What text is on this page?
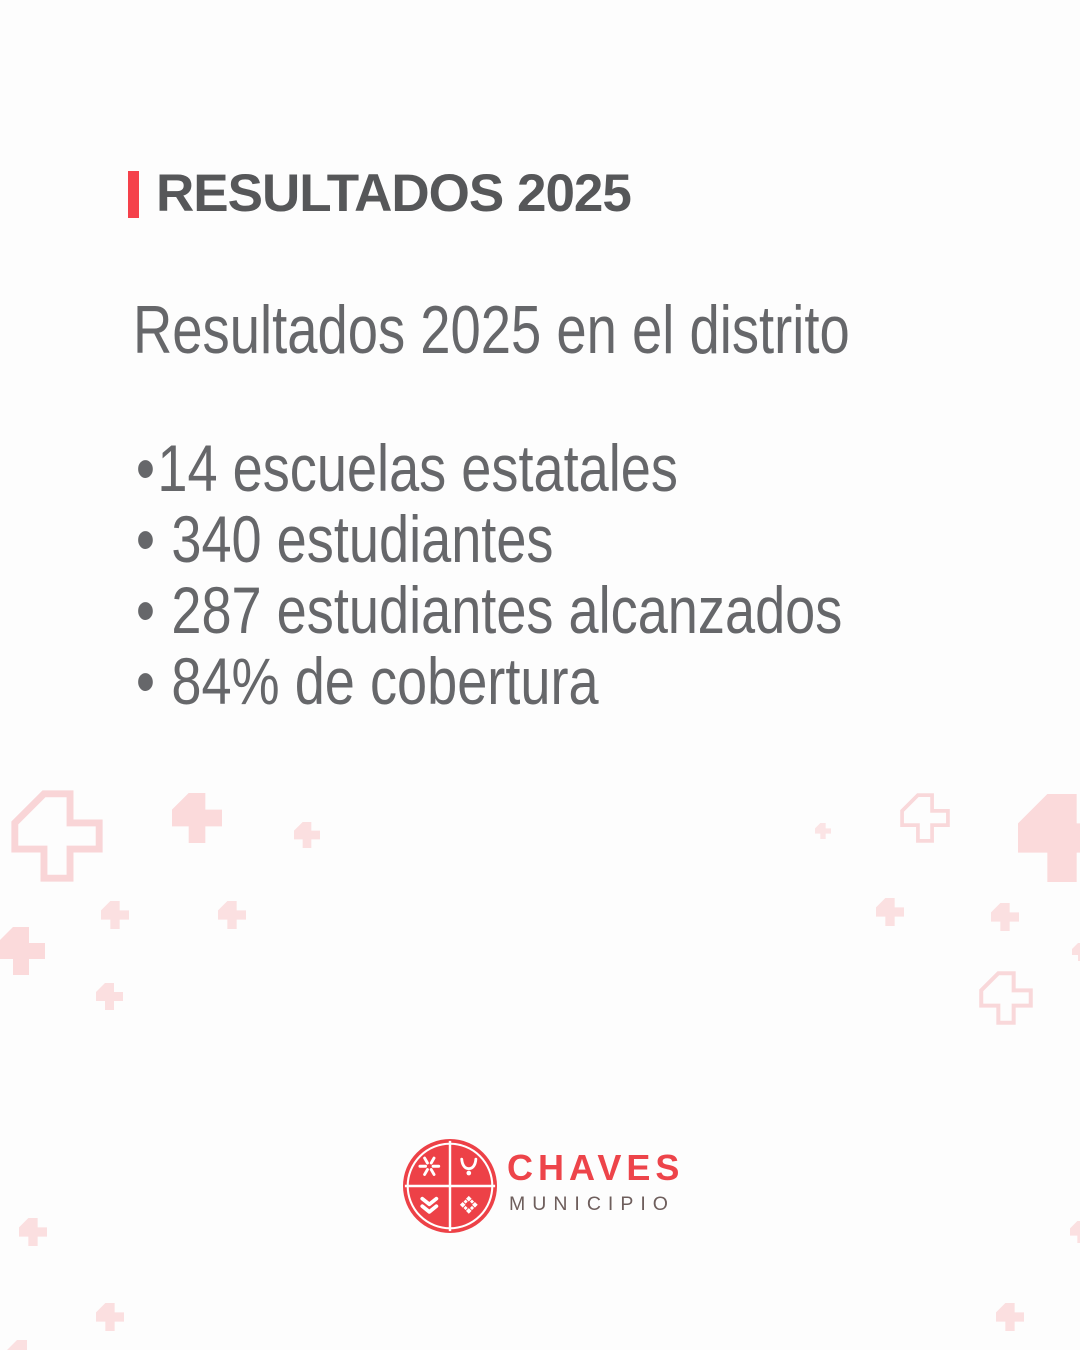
RESULTADOS 2025
Resultados 2025 en el distrito
•14 escuelas estatales
• 340 estudiantes
• 287 estudiantes alcanzados
• 84% de cobertura
CHAVES
MUNICIPIO
